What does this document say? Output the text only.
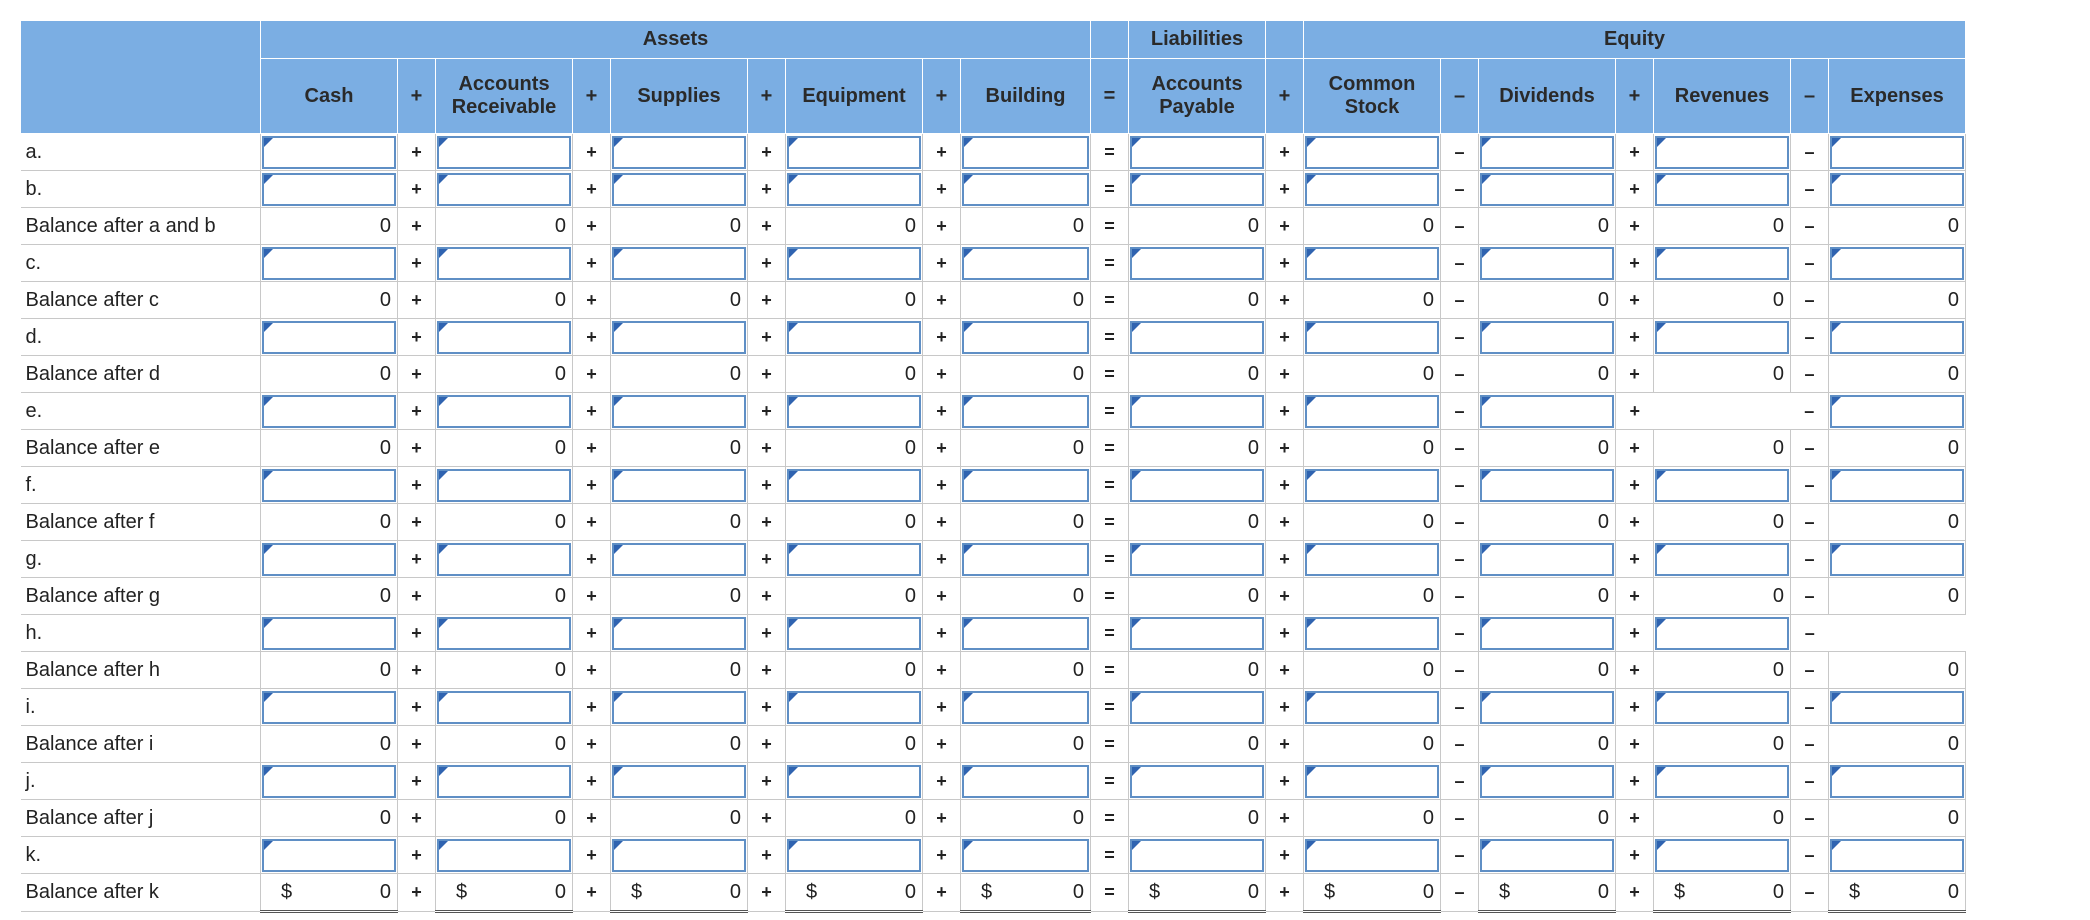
	Assets										Liabilities		Equity						
	Cash	+	Accounts Receivable	+	Supplies	+	Equipment	+	Building	=	Accounts Payable	+	Common Stock	–	Dividends	+	Revenues	–	Expenses
a.		+		+		+		+		=		+		–		+		–	

b.		+		+		+		+		=		+		–		+		–	

Balance after a and b	0	+	0	+	0	+	0	+	0	=	0	+	0	–	0	+	0	–	0

c.		+		+		+		+		=		+		–		+		–	

Balance after c	0	+	0	+	0	+	0	+	0	=	0	+	0	–	0	+	0	–	0

d.		+		+		+		+		=		+		–		+		–	

Balance after d	0	+	0	+	0	+	0	+	0	=	0	+	0	–	0	+	0	–	0

e.		+		+		+		+		=		+		–		+		–	

Balance after e	0	+	0	+	0	+	0	+	0	=	0	+	0	–	0	+	0	–	0

f.		+		+		+		+		=		+		–		+		–	

Balance after f	0	+	0	+	0	+	0	+	0	=	0	+	0	–	0	+	0	–	0

g.		+		+		+		+		=		+		–		+		–	

Balance after g	0	+	0	+	0	+	0	+	0	=	0	+	0	–	0	+	0	–	0

h.		+		+		+		+		=		+		–		+		–	
Balance after h	0	+	0	+	0	+	0	+	0	=	0	+	0	–	0	+	0	–	0

i.		+		+		+		+		=		+		–		+		–	

Balance after i	0	+	0	+	0	+	0	+	0	=	0	+	0	–	0	+	0	–	0

j.		+		+		+		+		=		+		–		+		–	

Balance after j	0	+	0	+	0	+	0	+	0	=	0	+	0	–	0	+	0	–	0

k.		+		+		+		+		=		+		–		+		–	

Balance after k	$ 0	+	$ 0	+	$ 0	+	$ 0	+	$ 0	=	$ 0	+	$ 0	–	$ 0	+	$ 0	–	$ 0
